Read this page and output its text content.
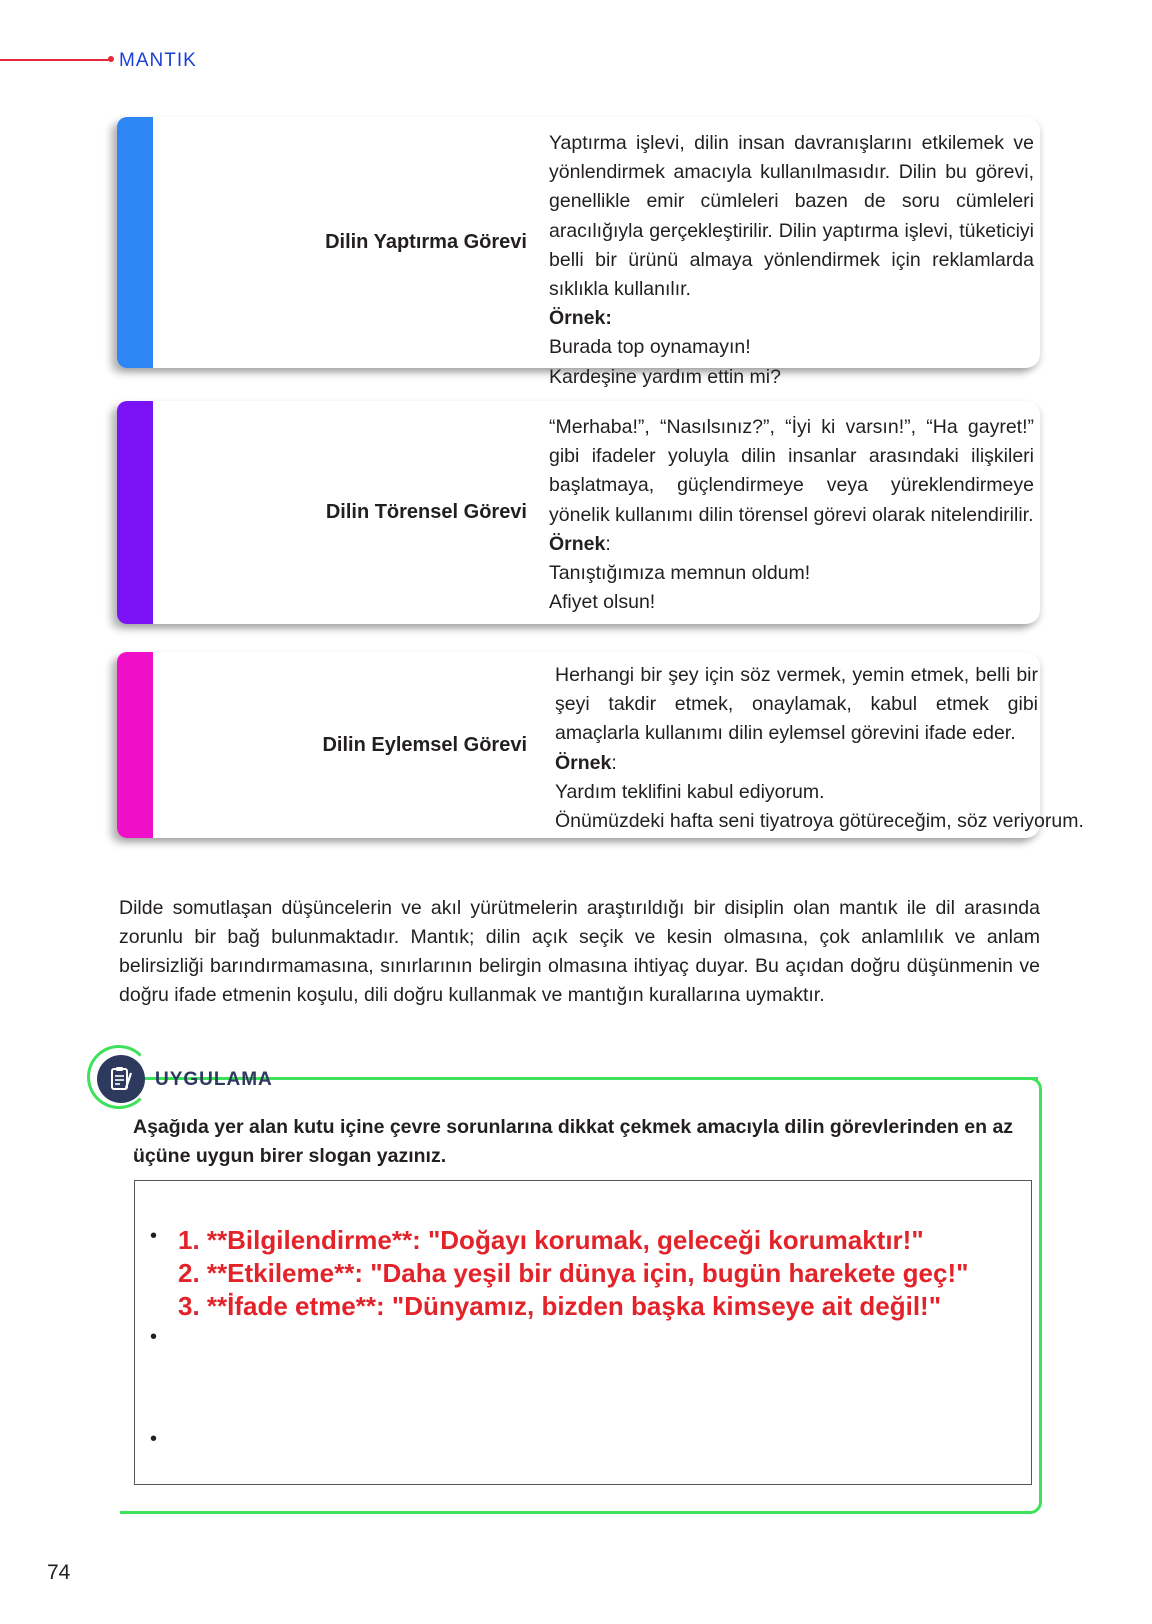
MANTIK
Dilin Yaptırma Görevi

Yaptırma işlevi, dilin insan davranışlarını etkilemek ve yönlendirmek amacıyla kullanılmasıdır. Dilin bu görevi, genellikle emir cümleleri bazen de soru cümleleri aracılığıyla gerçekleştirilir. Dilin yaptırma işlevi, tüketiciyi belli bir ürünü almaya yönlendirmek için reklamlarda sıklıkla kullanılır.

Örnek:
Burada top oynamayın!
Kardeşine yardım ettin mi?
Dilin Törensel Görevi

“Merhaba!”, “Nasılsınız?”, “İyi ki varsın!”, “Ha gayret!” gibi ifadeler yoluyla dilin insanlar arasındaki ilişkileri başlatmaya, güçlendirmeye veya yüreklendirmeye yönelik kullanımı dilin törensel görevi olarak nitelendirilir.

Örnek:
Tanıştığımıza memnun oldum!
Afiyet olsun!
Dilin Eylemsel Görevi

Herhangi bir şey için söz vermek, yemin etmek, belli bir şeyi takdir etmek, onaylamak, kabul etmek gibi amaçlarla kullanımı dilin eylemsel görevini ifade eder.

Örnek:
Yardım teklifini kabul ediyorum.
Önümüzdeki hafta seni tiyatroya götüreceğim, söz veriyorum.
Dilde somutlaşan düşüncelerin ve akıl yürütmelerin araştırıldığı bir disiplin olan mantık ile dil arasında zorunlu bir bağ bulunmaktadır. Mantık; dilin açık seçik ve kesin olmasına, çok anlamlılık ve anlam belirsizliği barındırmamasına, sınırlarının belirgin olmasına ihtiyaç duyar. Bu açıdan doğru düşünmenin ve doğru ifade etmenin koşulu, dili doğru kullanmak ve mantığın kurallarına uymaktır.
UYGULAMA
Aşağıda yer alan kutu içine çevre sorunlarına dikkat çekmek amacıyla dilin görevlerinden en az üçüne uygun birer slogan yazınız.
•
•
•
1. **Bilgilendirme**: "Doğayı korumak, geleceği korumaktır!"
2. **Etkileme**: "Daha yeşil bir dünya için, bugün harekete geç!"
3. **İfade etme**: "Dünyamız, bizden başka kimseye ait değil!"
74
